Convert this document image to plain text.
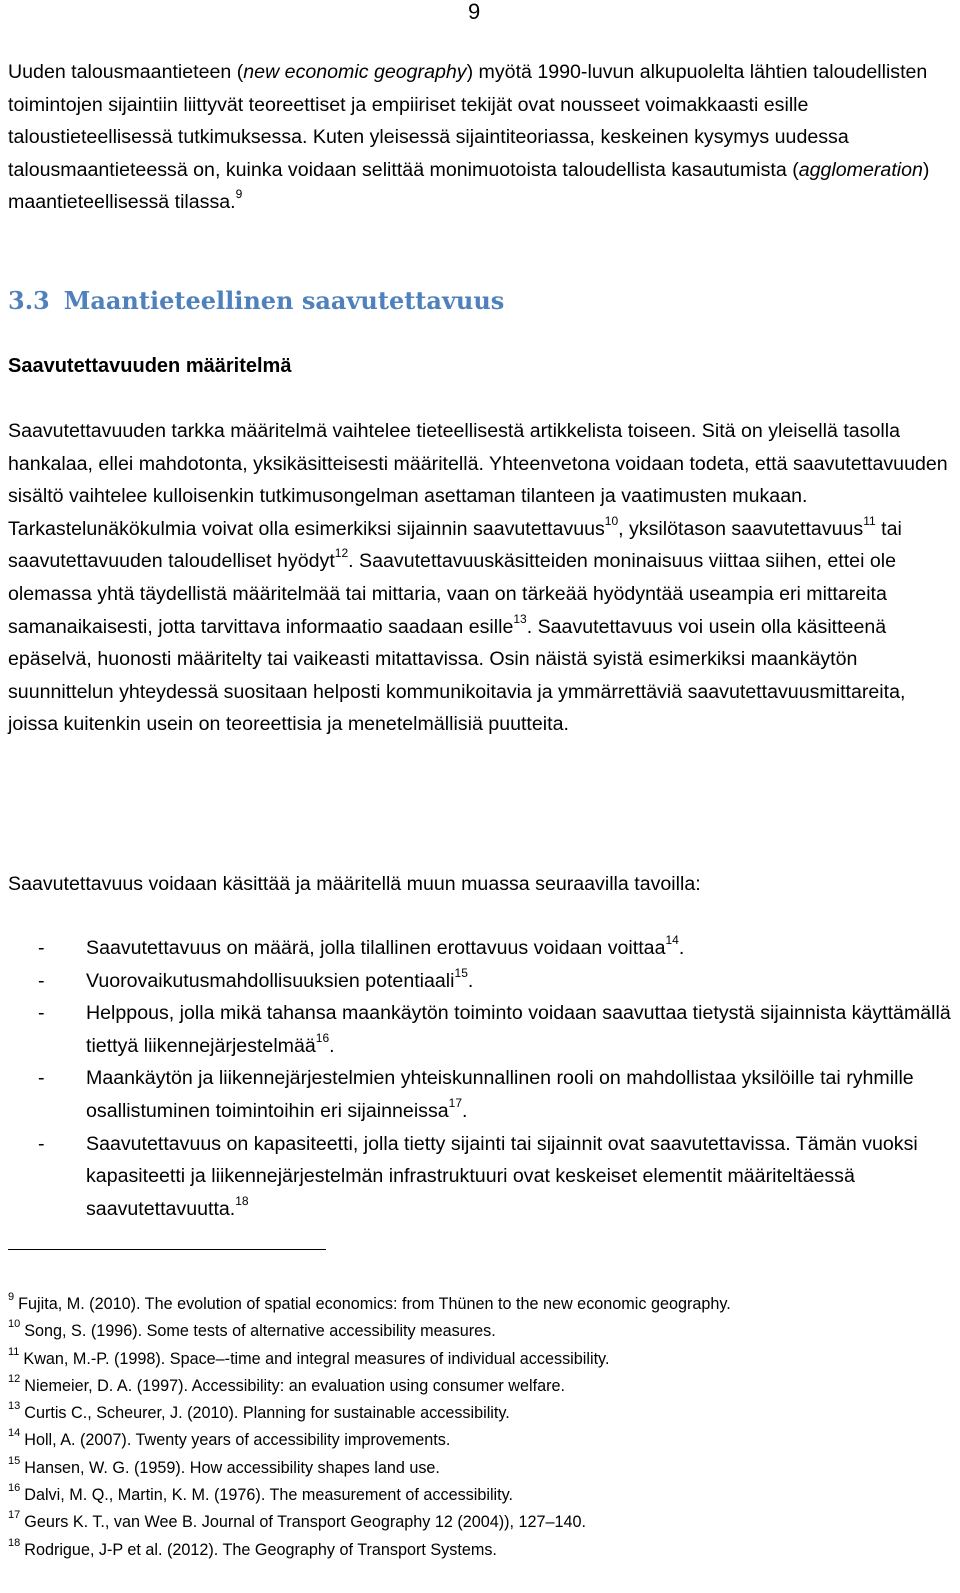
9

Uuden talousmaantieteen (new economic geography) myötä 1990-luvun alkupuolelta lähtien taloudellisten toimintojen sijaintiin liittyvät teoreettiset ja empiiriset tekijät ovat nousseet voimakkaasti esille taloustieteellisessä tutkimuksessa. Kuten yleisessä sijaintiteoriassa, keskeinen kysymys uudessa talousmaantieteessä on, kuinka voidaan selittää monimuotoista taloudellista kasautumista (agglomeration) maantieteellisessä tilassa.$^9$

3.3 Maantieteellinen saavutettavuus
Saavutettavuuden määritelmä

Saavutettavuuden tarkka määritelmä vaihtelee tieteellisestä artikkelista toiseen. Sitä on yleisellä tasolla hankalaa, ellei mahdotonta, yksikäsitteisesti määritellä. Yhteenvetona voidaan todeta, että saavutettavuuden sisältö vaihtelee kulloisenkin tutkimusongelman asettaman tilanteen ja vaatimusten mukaan. Tarkastelunäkökulmia voivat olla esimerkiksi sijainnin saavutettavuus$^{10}$, yksilötason saavutettavuus$^{11}$ tai saavutettavuuden taloudelliset hyödyt$^{12}$. Saavutettavuuskäsitteiden moninaisuus viittaa siihen, ettei ole olemassa yhtä täydellistä määritelmää tai mittaria, vaan on tärkeää hyödyntää useampia eri mittareita samanaikaisesti, jotta tarvittava informaatio saadaan esille$^{13}$. Saavutettavuus voi usein olla käsitteenä epäselvä, huonosti määritelty tai vaikeasti mitattavissa. Osin näistä syistä esimerkiksi maankäytön suunnittelun yhteydessä suositaan helposti kommunikoitavia ja ymmärrettäviä saavutettavuusmittareita, joissa kuitenkin usein on teoreettisia ja menetelmällisiä puutteita.

Saavutettavuus voidaan käsittää ja määritellä muun muassa seuraavilla tavoilla:

- Saavutettavuus on määrä, jolla tilallinen erottavuus voidaan voittaa$^{14}$.
- Vuorovaikutusmahdollisuuksien potentiaali$^{15}$.
- Helppous, jolla mikä tahansa maankäytön toiminto voidaan saavuttaa tietystä sijainnista käyttämällä tiettyä liikennejärjestelmää$^{16}$.
- Maankäytön ja liikennejärjestelmien yhteiskunnallinen rooli on mahdollistaa yksilöille tai ryhmille osallistuminen toimintoihin eri sijainneissa$^{17}$.
- Saavutettavuus on kapasiteetti, jolla tietty sijainti tai sijainnit ovat saavutettavissa. Tämän vuoksi kapasiteetti ja liikennejärjestelmän infrastruktuuri ovat keskeiset elementit määriteltäessä saavutettavuutta.$^{18}$
$^9$ Fujita, M. (2010). The evolution of spatial economics: from Thünen to the new economic geography.
$^{10}$ Song, S. (1996). Some tests of alternative accessibility measures.
$^{11}$ Kwan, M.-P. (1998). Space‒-time and integral measures of individual accessibility.
$^{12}$ Niemeier, D. A. (1997). Accessibility: an evaluation using consumer welfare.
$^{13}$ Curtis C., Scheurer, J. (2010). Planning for sustainable accessibility.
$^{14}$ Holl, A. (2007). Twenty years of accessibility improvements.
$^{15}$ Hansen, W. G. (1959). How accessibility shapes land use.
$^{16}$ Dalvi, M. Q., Martin, K. M. (1976). The measurement of accessibility.
$^{17}$ Geurs K. T., van Wee B. Journal of Transport Geography 12 (2004)), 127‒140.
$^{18}$ Rodrigue, J-P et al. (2012). The Geography of Transport Systems.
